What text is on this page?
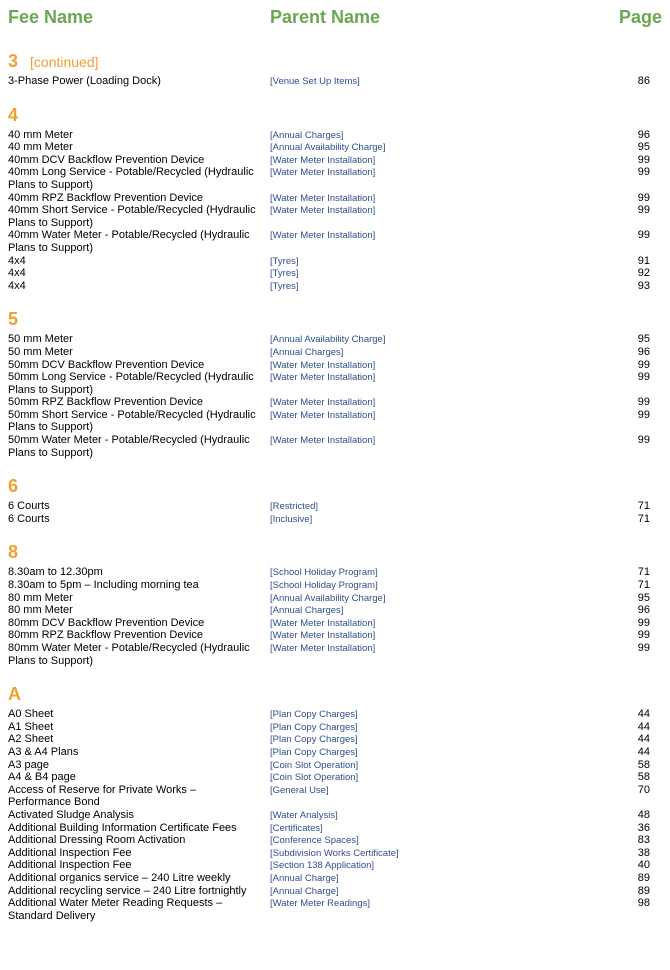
Fee Name	Parent Name	Page
3 [continued]
3-Phase Power (Loading Dock)	[Venue Set Up Items]	86
4
40 mm Meter	[Annual Charges]	96
40 mm Meter	[Annual Availability Charge]	95
40mm DCV Backflow Prevention Device	[Water Meter Installation]	99
40mm Long Service - Potable/Recycled (Hydraulic Plans to Support)
[Water Meter Installation]	99
40mm RPZ Backflow Prevention Device	[Water Meter Installation]	99
40mm Short Service - Potable/Recycled (Hydraulic Plans to Support)
[Water Meter Installation]	99
40mm Water Meter - Potable/Recycled (Hydraulic Plans to Support)
[Water Meter Installation]	99
4x4	[Tyres]	91
4x4	[Tyres]	92
4x4	[Tyres]	93
5
50 mm Meter	[Annual Availability Charge]	95
50 mm Meter	[Annual Charges]	96
50mm DCV Backflow Prevention Device	[Water Meter Installation]	99
50mm Long Service - Potable/Recycled (Hydraulic Plans to Support)
[Water Meter Installation]	99
50mm RPZ Backflow Prevention Device	[Water Meter Installation]	99
50mm Short Service - Potable/Recycled (Hydraulic Plans to Support)
[Water Meter Installation]	99
50mm Water Meter - Potable/Recycled (Hydraulic Plans to Support)
[Water Meter Installation]	99
6
6 Courts	[Restricted]	71
6 Courts	[Inclusive]	71
8
8.30am to 12.30pm	[School Holiday Program]	71
8.30am to 5pm – Including morning tea	[School Holiday Program]	71
80 mm Meter	[Annual Availability Charge]	95
80 mm Meter	[Annual Charges]	96
80mm DCV Backflow Prevention Device	[Water Meter Installation]	99
80mm RPZ Backflow Prevention Device	[Water Meter Installation]	99
80mm Water Meter - Potable/Recycled (Hydraulic Plans to Support)
[Water Meter Installation]	99
A
A0 Sheet	[Plan Copy Charges]	44
A1 Sheet	[Plan Copy Charges]	44
A2 Sheet	[Plan Copy Charges]	44
A3 & A4 Plans	[Plan Copy Charges]	44
A3 page	[Coin Slot Operation]	58
A4 & B4 page	[Coin Slot Operation]	58
Access of Reserve for Private Works – Performance Bond
[General Use]	70
Activated Sludge Analysis	[Water Analysis]	48
Additional Building Information Certificate Fees	[Certificates]	36
Additional Dressing Room Activation	[Conference Spaces]	83
Additional Inspection Fee	[Subdivision Works Certificate]	38
Additional Inspection Fee	[Section 138 Application]	40
Additional organics service – 240 Litre weekly	[Annual Charge]	89
Additional recycling service – 240 Litre fortnightly	[Annual Charge]	89
Additional Water Meter Reading Requests – Standard Delivery
[Water Meter Readings]	98
